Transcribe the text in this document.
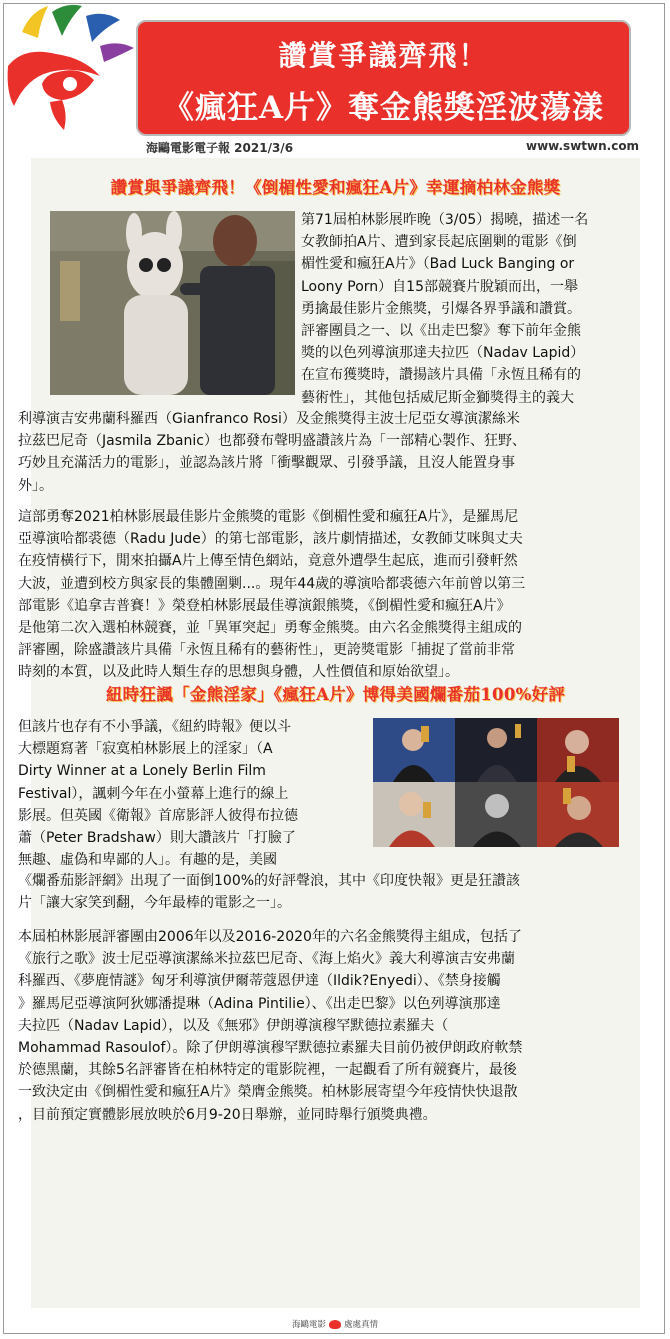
讚賞爭議齊飛！
《瘋狂A片》奪金熊獎淫波蕩漾
海鷗電影電子報 2021/3/6	www.swtwn.com
讚賞與爭議齊飛！《倒楣性愛和瘋狂A片》幸運摘柏林金熊獎
紐時狂諷「金熊淫家」《瘋狂A片》博得美國爛番茄100%好評

第71屆柏林影展昨晚（3/05）揭曉，描述一名
女教師拍A片、遭到家長起底圍剿的電影《倒
楣性愛和瘋狂A片》（Bad Luck Banging or
Loony Porn）自15部競賽片脫穎而出，一舉
勇擒最佳影片金熊獎，引爆各界爭議和讚賞。
評審團員之一、以《出走巴黎》奪下前年金熊
獎的以色列導演那達夫拉匹（Nadav Lapid）
在宣布獲獎時，讚揚該片具備「永恆且稀有的
藝術性」，其他包括威尼斯金獅獎得主的義大

利導演吉安弗蘭科羅西（Gianfranco Rosi）及金熊獎得主波士尼亞女導演潔絲米
拉茲巴尼奇（Jasmila Zbanic）也都發布聲明盛讚該片為「一部精心製作、狂野、
巧妙且充滿活力的電影」，並認為該片將「衝擊觀眾、引發爭議，且沒人能置身事
外」。

這部勇奪2021柏林影展最佳影片金熊獎的電影《倒楣性愛和瘋狂A片》，是羅馬尼
亞導演哈都裘德（Radu Jude）的第七部電影，該片劇情描述，女教師艾咪與丈夫
在疫情橫行下，閒來拍攝A片上傳至情色網站，竟意外遭學生起底，進而引發軒然
大波，並遭到校方與家長的集體圍剿...。現年44歲的導演哈都裘德六年前曾以第三
部電影《追拿吉普賽！》榮登柏林影展最佳導演銀熊獎，《倒楣性愛和瘋狂A片》
是他第二次入選柏林競賽，並「異軍突起」勇奪金熊獎。由六名金熊獎得主組成的
評審團，除盛讚該片具備「永恆且稀有的藝術性」，更誇獎電影「捕捉了當前非常
時刻的本質，以及此時人類生存的思想與身體，人性價值和原始欲望」。

但該片也存有不小爭議，《紐約時報》便以斗
大標題寫著「寂寞柏林影展上的淫家」（A
Dirty Winner at a Lonely Berlin Film
Festival），諷刺今年在小螢幕上進行的線上
影展。但英國《衛報》首席影評人彼得布拉德
蕭（Peter Bradshaw）則大讚該片「打臉了
無趣、虛偽和卑鄙的人」。有趣的是，美國

《爛番茄影評網》出現了一面倒100%的好評聲浪，其中《印度快報》更是狂讚該
片「讓大家笑到翻，今年最棒的電影之一」。

本屆柏林影展評審團由2006年以及2016-2020年的六名金熊獎得主組成，包括了
《旅行之歌》波士尼亞導演潔絲米拉茲巴尼奇、《海上焰火》義大利導演吉安弗蘭
科羅西、《夢鹿情謎》匈牙利導演伊爾蒂蔻恩伊達（Ildik?Enyedi）、《禁身接觸
》羅馬尼亞導演阿狄娜潘提琳（Adina Pintilie）、《出走巴黎》以色列導演那達
夫拉匹（Nadav Lapid），以及《無邪》伊朗導演穆罕默德拉素羅夫（
Mohammad Rasoulof）。除了伊朗導演穆罕默德拉素羅夫目前仍被伊朗政府軟禁
於德黑蘭，其餘5名評審皆在柏林特定的電影院裡，一起觀看了所有競賽片，最後
一致決定由《倒楣性愛和瘋狂A片》榮膺金熊獎。柏林影展寄望今年疫情快快退散
，目前預定實體影展放映於6月9-20日舉辦，並同時舉行頒獎典禮。

海鷗電影 處處真情
